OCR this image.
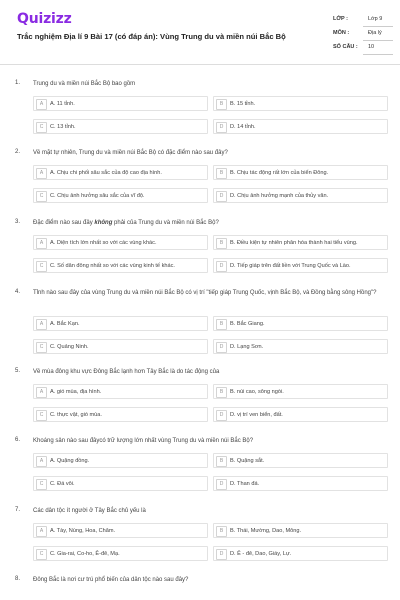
Quizizz
Trắc nghiệm Địa lí 9 Bài 17 (có đáp án): Vùng Trung du và miền núi Bắc Bộ
LỚP :	Lớp 9
MÔN :	Địa lý
SỐ CÂU : 10
1. Trung du và miền núi Bắc Bộ bao gồm
A	A. 11 tỉnh.	B	B. 15 tỉnh.
C	C. 13 tỉnh.	D	D. 14 tỉnh.
2. Về mặt tự nhiên, Trung du và miền núi Bắc Bộ có đặc điểm nào sau đây?
A	A. Chịu chi phối sâu sắc của độ cao địa hình.	B	B. Chịu tác động rất lớn của biển Đông.
C	C. Chịu ảnh hưởng sâu sắc của vĩ độ.	D	D. Chịu ảnh hưởng mạnh của thủy văn.
3. Đặc điểm nào sau đây không phải của Trung du và miền núi Bắc Bộ?
A	A. Diện tích lớn nhất so với các vùng khác.	B	B. Điều kiện tự nhiên phân hóa thành hai tiểu vùng.
C	C. Số dân đông nhất so với các vùng kinh tế khác.	D	D. Tiếp giáp trên đất liền với Trung Quốc và Lào.
4. Tỉnh nào sau đây của vùng Trung du và miền núi Bắc Bộ có vị trí "tiếp giáp Trung Quốc, vịnh Bắc Bộ, và Đồng bằng sông Hồng"?
A	A. Bắc Kạn.	B	B. Bắc Giang.
C	C. Quảng Ninh.	D	D. Lạng Sơn.
5. Về mùa đông khu vực Đông Bắc lạnh hơn Tây Bắc là do tác động của
A	A. gió mùa, địa hình.	B	B. núi cao, sông ngòi.
C	C. thực vật, gió mùa.	D	D. vị trí ven biển, đất.
6. Khoáng sản nào sau đâycó trữ lượng lớn nhất vùng Trung du và miền núi Bắc Bộ?
A	A. Quặng đồng.	B	B. Quặng sắt.
C	C. Đá vôi.	D	D. Than đá.
7. Các dân tộc ít người ở Tây Bắc chủ yếu là
A	A. Tày, Nùng, Hoa, Chăm.	B	B. Thái, Mường, Dao, Mông.
C	C. Gia-rai, Co-ho, Ê-đê, Mạ.	D	D. Ê - đê, Dao, Giáy, Lự.
8. Đông Bắc là nơi cư trú phổ biến của dân tộc nào sau đây?
